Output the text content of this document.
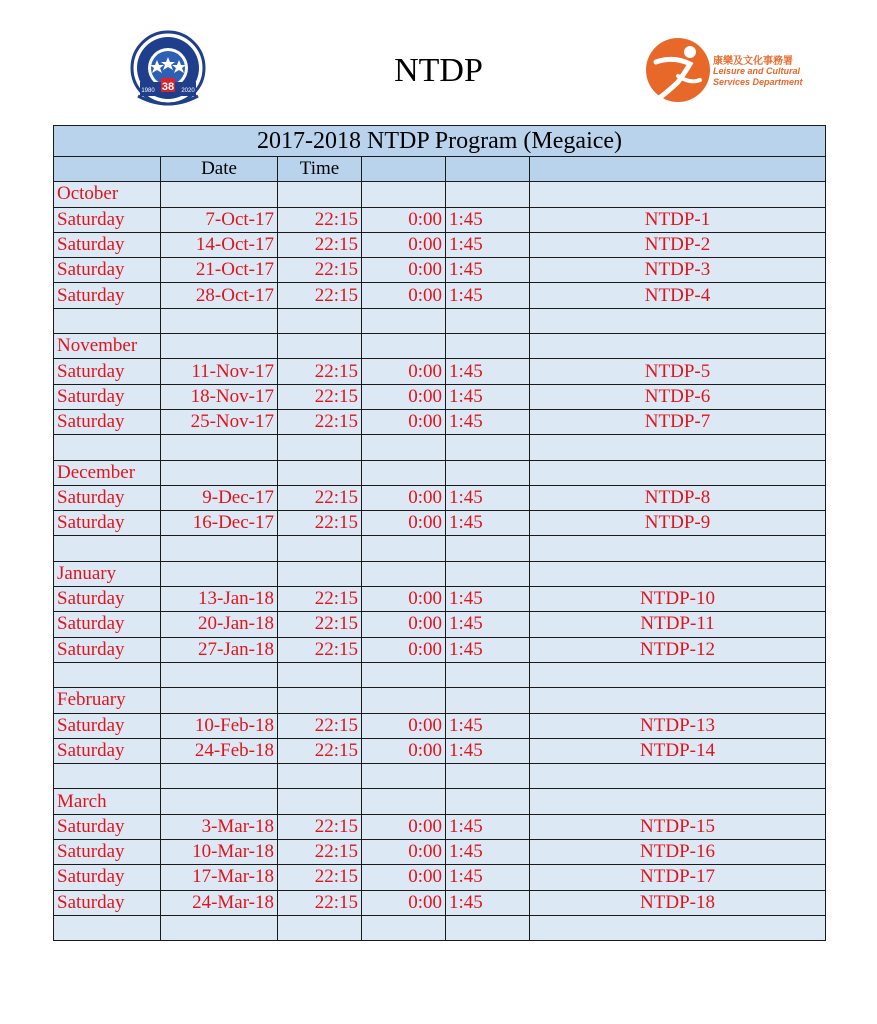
38
1980	2020
NTDP	康樂及文化事務署
Leisure and Cultural
Services Department
2017-2018 NTDP Program (Megaice)					
	Date	Time			
October					
Saturday	7-Oct-17	22:15	0:00	1:45	NTDP-1
Saturday	14-Oct-17	22:15	0:00	1:45	NTDP-2
Saturday	21-Oct-17	22:15	0:00	1:45	NTDP-3
Saturday	28-Oct-17	22:15	0:00	1:45	NTDP-4

November					
Saturday	11-Nov-17	22:15	0:00	1:45	NTDP-5
Saturday	18-Nov-17	22:15	0:00	1:45	NTDP-6
Saturday	25-Nov-17	22:15	0:00	1:45	NTDP-7

December					
Saturday	9-Dec-17	22:15	0:00	1:45	NTDP-8
Saturday	16-Dec-17	22:15	0:00	1:45	NTDP-9

January					
Saturday	13-Jan-18	22:15	0:00	1:45	NTDP-10
Saturday	20-Jan-18	22:15	0:00	1:45	NTDP-11
Saturday	27-Jan-18	22:15	0:00	1:45	NTDP-12

February					
Saturday	10-Feb-18	22:15	0:00	1:45	NTDP-13
Saturday	24-Feb-18	22:15	0:00	1:45	NTDP-14

March					
Saturday	3-Mar-18	22:15	0:00	1:45	NTDP-15
Saturday	10-Mar-18	22:15	0:00	1:45	NTDP-16
Saturday	17-Mar-18	22:15	0:00	1:45	NTDP-17
Saturday	24-Mar-18	22:15	0:00	1:45	NTDP-18
